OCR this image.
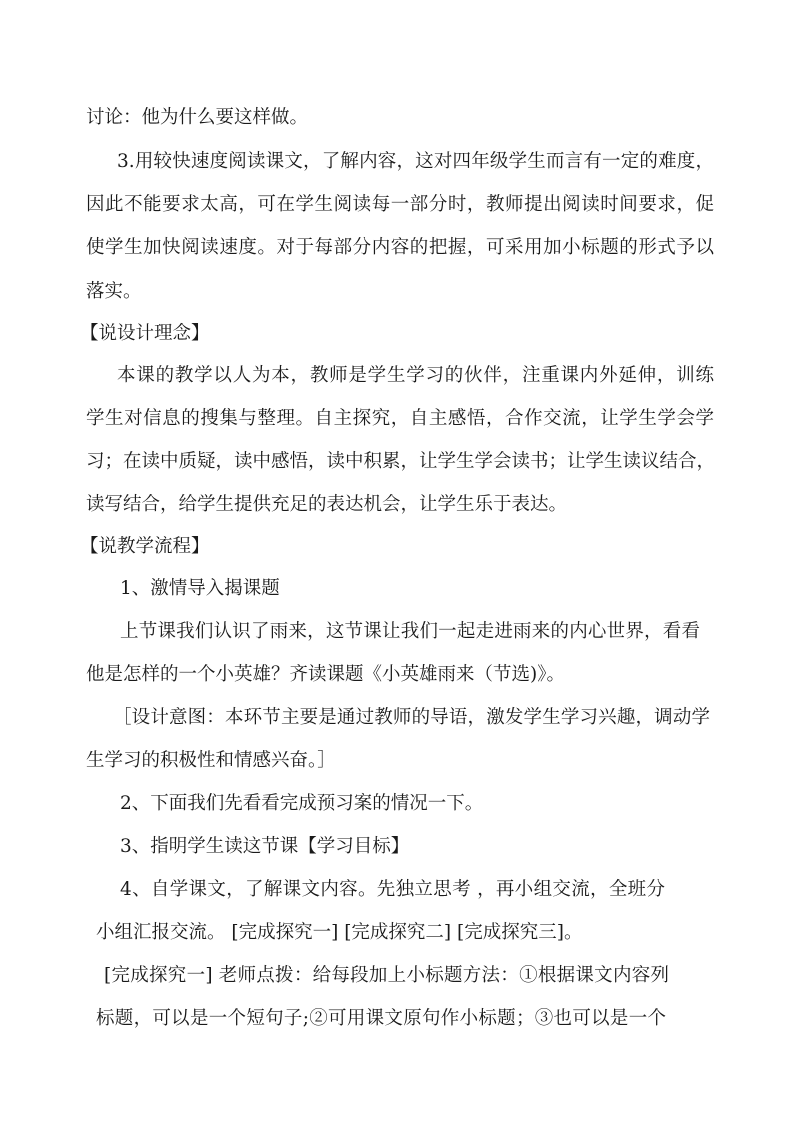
讨论：他为什么要这样做。
3.用较快速度阅读课文，了解内容，这对四年级学生而言有一定的难度，
因此不能要求太高，可在学生阅读每一部分时，教师提出阅读时间要求，促
使学生加快阅读速度。对于每部分内容的把握，可采用加小标题的形式予以
落实。
【说设计理念】
本课的教学以人为本，教师是学生学习的伙伴，注重课内外延伸，训练
学生对信息的搜集与整理。自主探究，自主感悟，合作交流，让学生学会学
习；在读中质疑，读中感悟，读中积累，让学生学会读书；让学生读议结合，
读写结合，给学生提供充足的表达机会，让学生乐于表达。
【说教学流程】
1、激情导入揭课题
上节课我们认识了雨来，这节课让我们一起走进雨来的内心世界，看看
他是怎样的一个小英雄？齐读课题《小英雄雨来（节选)》。
［设计意图：本环节主要是通过教师的导语，激发学生学习兴趣，调动学
生学习的积极性和情感兴奋。］
2、下面我们先看看完成预习案的情况一下。
3、指明学生读这节课【学习目标】
4、自学课文，了解课文内容。先独立思考 ，再小组交流，全班分
小组汇报交流。 [完成探究一] [完成探究二] [完成探究三]。
[完成探究一] 老师点拨：给每段加上小标题方法：①根据课文内容列
标题，可以是一个短句子;②可用课文原句作小标题；③也可以是一个
